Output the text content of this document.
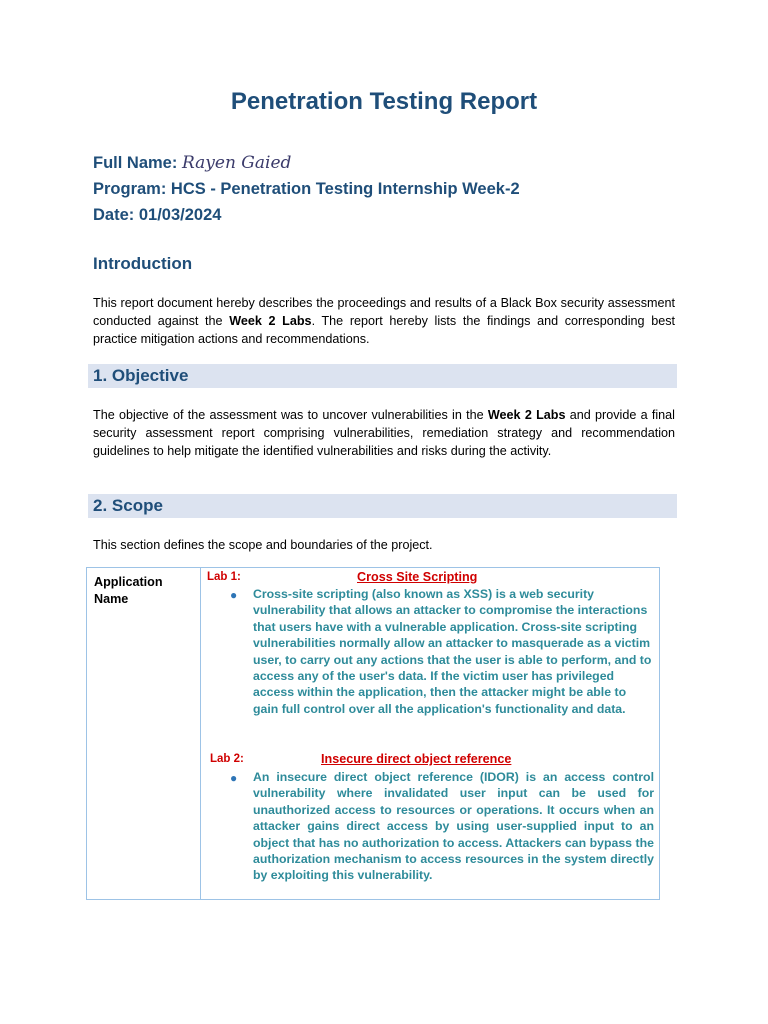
Penetration Testing Report
Full Name: Rayen Gaied
Program: HCS - Penetration Testing Internship Week-2
Date: 01/03/2024
Introduction
This report document hereby describes the proceedings and results of a Black Box security assessment conducted against the Week 2 Labs. The report hereby lists the findings and corresponding best practice mitigation actions and recommendations.
1. Objective
The objective of the assessment was to uncover vulnerabilities in the Week 2 Labs and provide a final security assessment report comprising vulnerabilities, remediation strategy and recommendation guidelines to help mitigate the identified vulnerabilities and risks during the activity.
2. Scope
This section defines the scope and boundaries of the project.
Application Name
Lab 1:	Cross Site Scripting
● Cross-site scripting (also known as XSS) is a web security vulnerability that allows an attacker to compromise the interactions that users have with a vulnerable application. Cross-site scripting vulnerabilities normally allow an attacker to masquerade as a victim user, to carry out any actions that the user is able to perform, and to access any of the user's data. If the victim user has privileged access within the application, then the attacker might be able to gain full control over all the application's functionality and data.
Lab 2:	Insecure direct object reference
● An insecure direct object reference (IDOR) is an access control vulnerability where invalidated user input can be used for unauthorized access to resources or operations. It occurs when an attacker gains direct access by using user-supplied input to an object that has no authorization to access. Attackers can bypass the authorization mechanism to access resources in the system directly by exploiting this vulnerability.
